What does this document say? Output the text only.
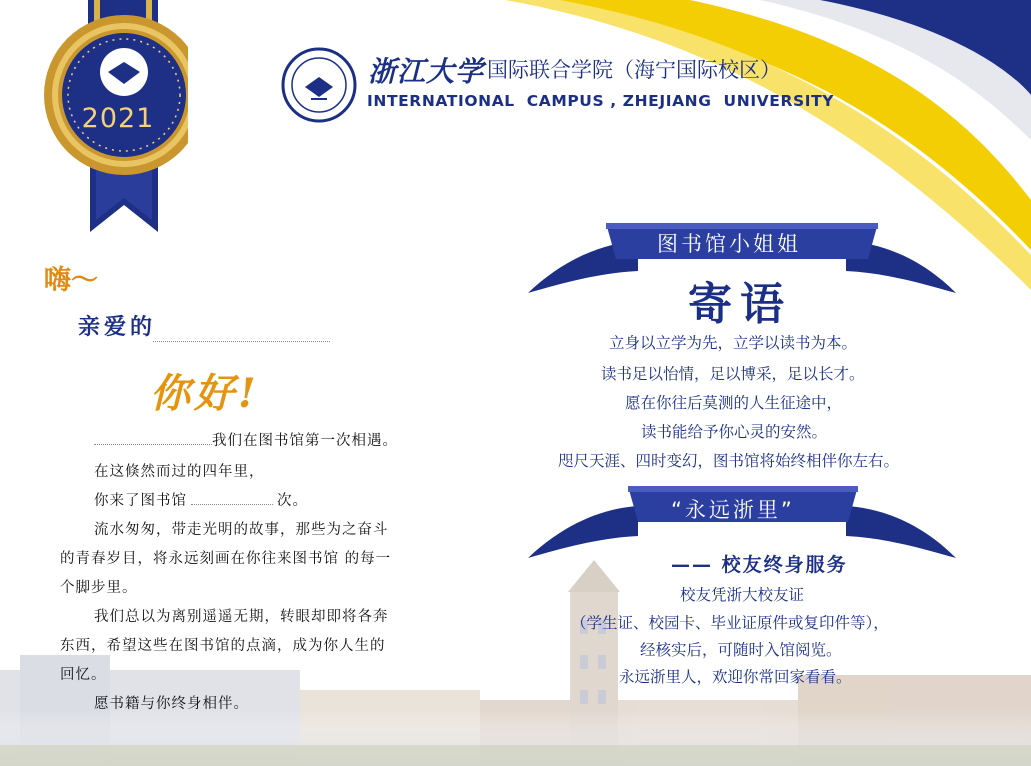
2021
浙江大学 国际联合学院（海宁国际校区）
INTERNATIONAL  CAMPUS , ZHEJIANG  UNIVERSITY
嗨～
亲爱的
你好!
我们在图书馆第一次相遇。
在这倏然而过的四年里，
你来了图书馆	次。
流水匆匆，带走光明的故事，那些为之奋斗
的青春岁目，将永远刻画在你往来图书馆 的每一
个脚步里。
我们总以为离别遥遥无期，转眼却即将各奔
东西，希望这些在图书馆的点滴，成为你人生的
回忆。
愿书籍与你终身相伴。
图书馆小姐姐
寄语
立身以立学为先，立学以读书为本。
读书足以怡情，足以博采，足以长才。
愿在你往后莫测的人生征途中，
读书能给予你心灵的安然。
咫尺天涯、四时变幻，图书馆将始终相伴你左右。
“永远浙里”
—— 校友终身服务
校友凭浙大校友证
（学生证、校园卡、毕业证原件或复印件等），
经核实后，可随时入馆阅览。
永远浙里人，欢迎你常回家看看。
